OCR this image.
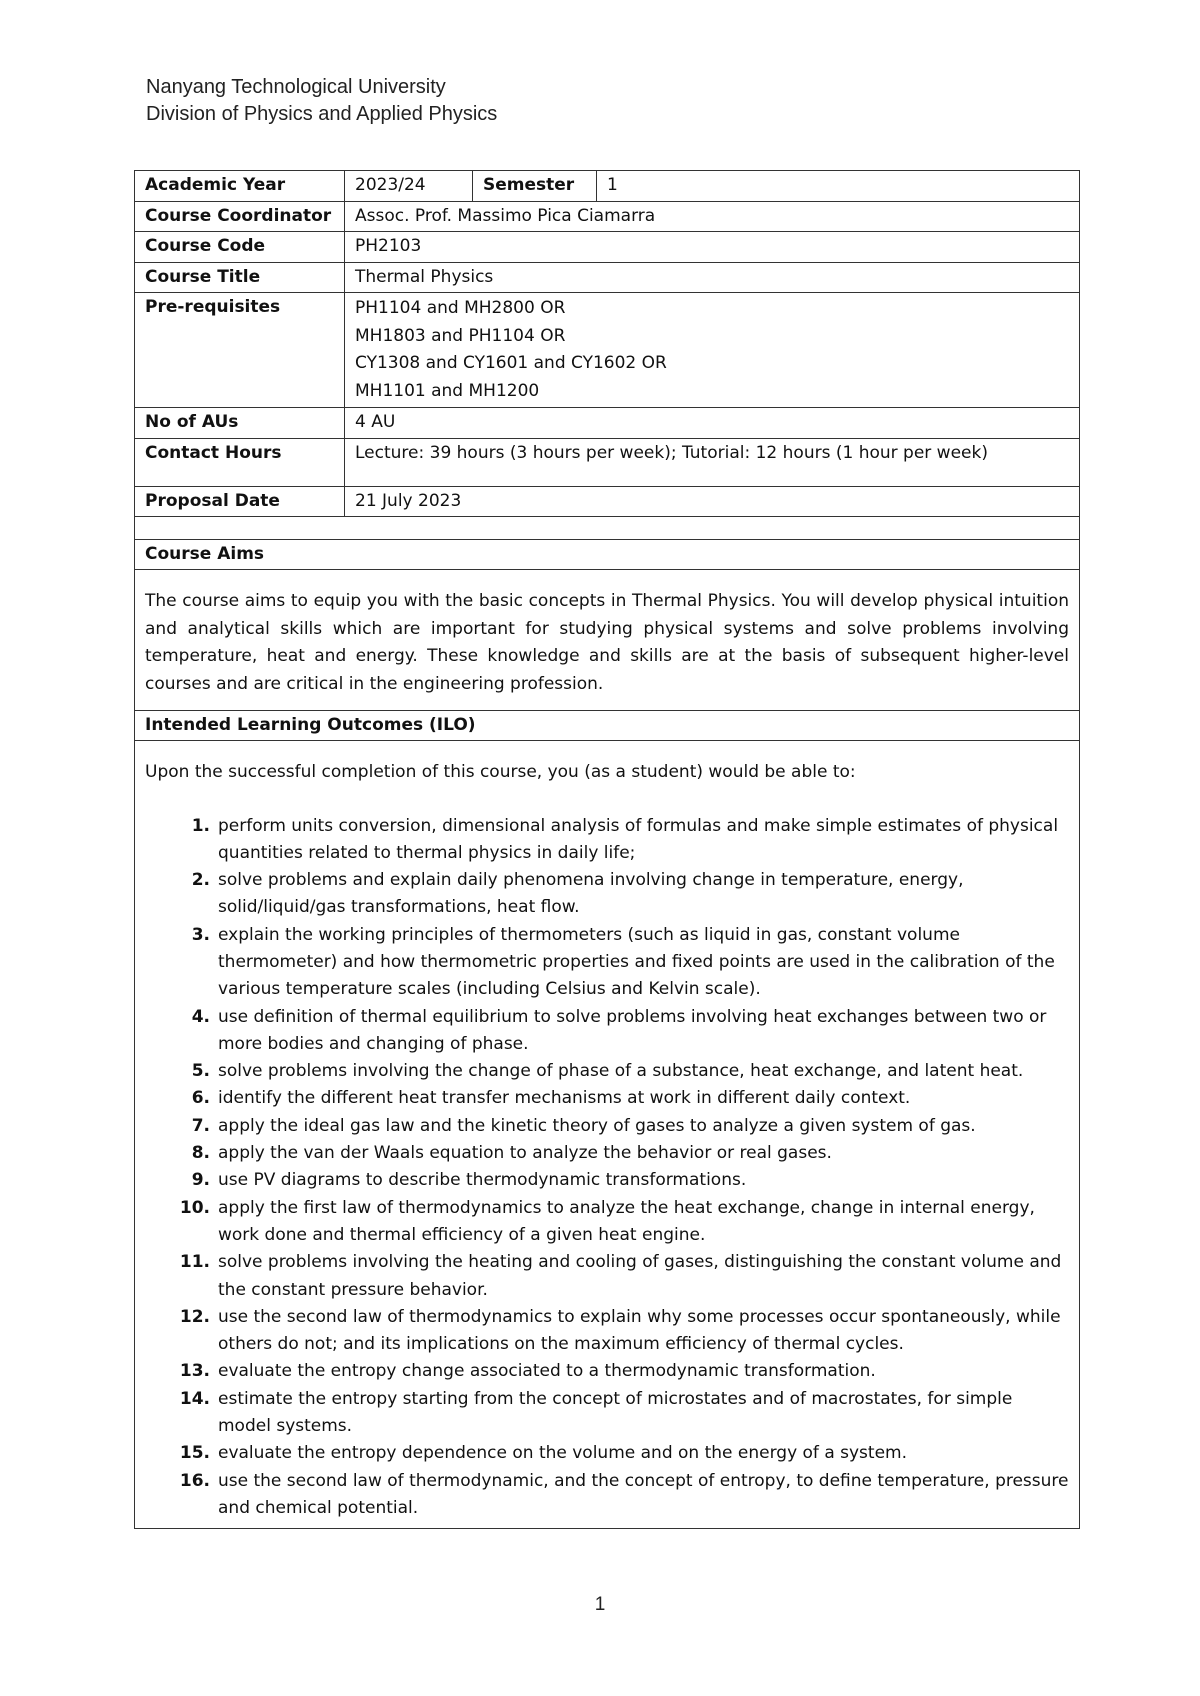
Nanyang Technological University
Division of Physics and Applied Physics
Academic Year	2023/24	Semester	1
Course Coordinator	Assoc. Prof. Massimo Pica Ciamarra		
Course Code	PH2103		
Course Title	Thermal Physics		
Pre-requisites	PH1104 and MH2800 OR
MH1803 and PH1104 OR
CY1308 and CY1601 and CY1602 OR
MH1101 and MH1200		

No of AUs	4 AU		
Contact Hours	Lecture: 39 hours (3 hours per week); Tutorial: 12 hours (1 hour per week)		
Proposal Date	21 July 2023		

Course Aims
The course aims to equip you with the basic concepts in Thermal Physics. You will develop physical intuition and analytical skills which are important for studying physical systems and solve problems involving temperature, heat and energy. These knowledge and skills are at the basis of subsequent higher-level courses and are critical in the engineering profession.
Intended Learning Outcomes (ILO)
Upon the successful completion of this course, you (as a student) would be able to:
1. perform units conversion, dimensional analysis of formulas and make simple estimates of physical quantities related to thermal physics in daily life;
2. solve problems and explain daily phenomena involving change in temperature, energy, solid/liquid/gas transformations, heat flow.
3. explain the working principles of thermometers (such as liquid in gas, constant volume thermometer) and how thermometric properties and fixed points are used in the calibration of the various temperature scales (including Celsius and Kelvin scale).
4. use definition of thermal equilibrium to solve problems involving heat exchanges between two or more bodies and changing of phase.
5. solve problems involving the change of phase of a substance, heat exchange, and latent heat.
6. identify the different heat transfer mechanisms at work in different daily context.
7. apply the ideal gas law and the kinetic theory of gases to analyze a given system of gas.
8. apply the van der Waals equation to analyze the behavior or real gases.
9. use PV diagrams to describe thermodynamic transformations.
10. apply the first law of thermodynamics to analyze the heat exchange, change in internal energy, work done and thermal efficiency of a given heat engine.
11. solve problems involving the heating and cooling of gases, distinguishing the constant volume and the constant pressure behavior.
12. use the second law of thermodynamics to explain why some processes occur spontaneously, while others do not; and its implications on the maximum efficiency of thermal cycles.
13. evaluate the entropy change associated to a thermodynamic transformation.
14. estimate the entropy starting from the concept of microstates and of macrostates, for simple model systems.
15. evaluate the entropy dependence on the volume and on the energy of a system.
16. use the second law of thermodynamic, and the concept of entropy, to define temperature, pressure and chemical potential.
1
